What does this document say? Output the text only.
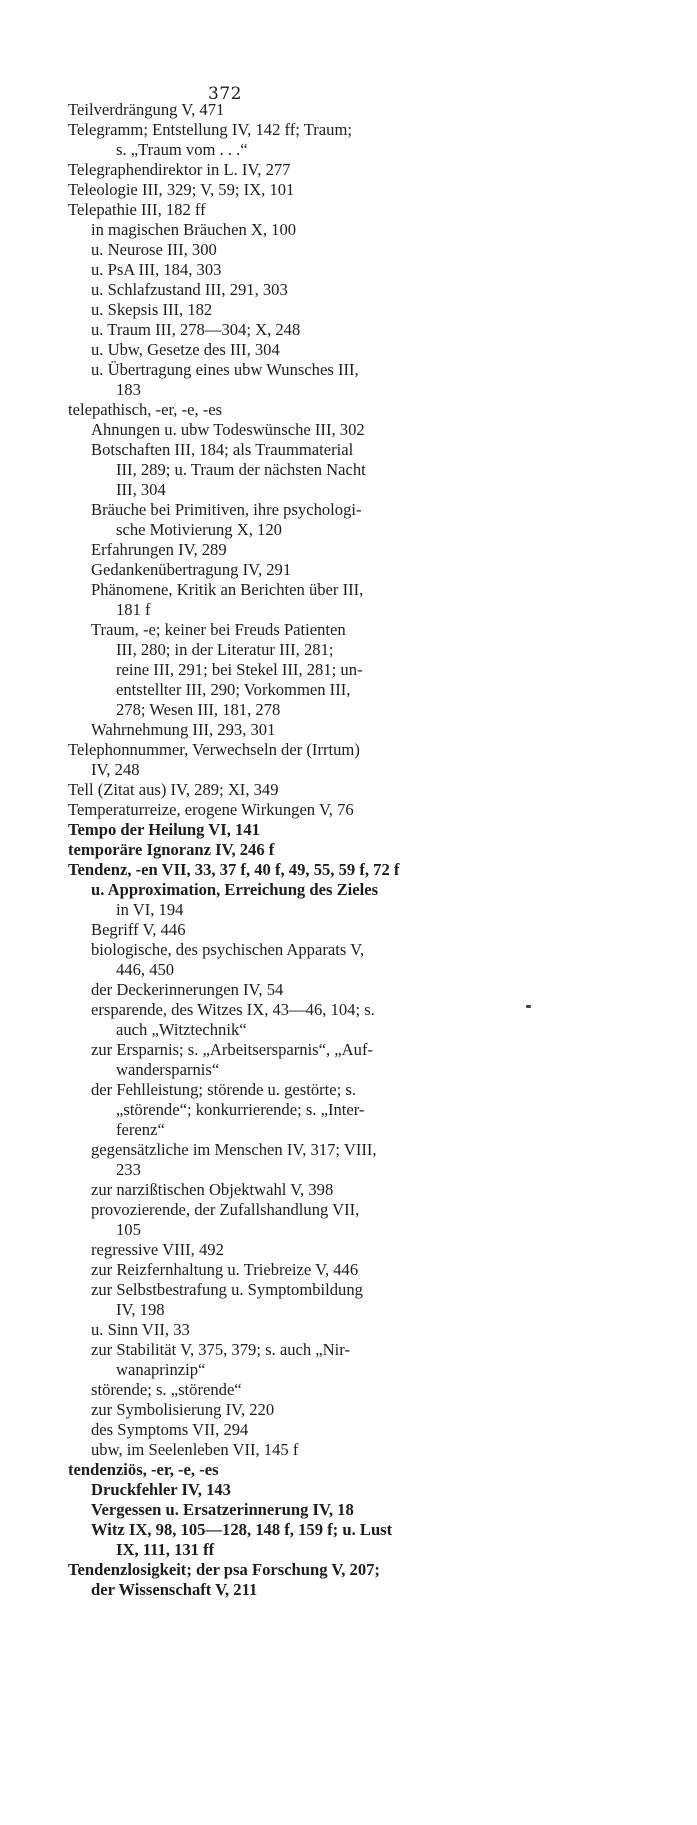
372
Teilverdrängung V, 471
Telegramm; Entstellung IV, 142 ff; Traum;
s. „Traum vom . . .“
Telegraphendirektor in L. IV, 277
Teleologie III, 329; V, 59; IX, 101
Telepathie III, 182 ff
in magischen Bräuchen X, 100
u. Neurose III, 300
u. PsA III, 184, 303
u. Schlafzustand III, 291, 303
u. Skepsis III, 182
u. Traum III, 278—304; X, 248
u. Ubw, Gesetze des III, 304
u. Übertragung eines ubw Wunsches III,
183
telepathisch, -er, -e, -es
Ahnungen u. ubw Todeswünsche III, 302
Botschaften III, 184; als Traummaterial
III, 289; u. Traum der nächsten Nacht
III, 304
Bräuche bei Primitiven, ihre psychologi-
sche Motivierung X, 120
Erfahrungen IV, 289
Gedankenübertragung IV, 291
Phänomene, Kritik an Berichten über III,
181 f
Traum, -e; keiner bei Freuds Patienten
III, 280; in der Literatur III, 281;
reine III, 291; bei Stekel III, 281; un-
entstellter III, 290; Vorkommen III,
278; Wesen III, 181, 278
Wahrnehmung III, 293, 301
Telephonnummer, Verwechseln der (Irrtum)
IV, 248
Tell (Zitat aus) IV, 289; XI, 349
Temperaturreize, erogene Wirkungen V, 76
Tempo der Heilung VI, 141
temporäre Ignoranz IV, 246 f
Tendenz, -en VII, 33, 37 f, 40 f, 49, 55, 59 f, 72 f
u. Approximation, Erreichung des Zieles
in VI, 194
Begriff V, 446
biologische, des psychischen Apparats V,
446, 450
der Deckerinnerungen IV, 54
ersparende, des Witzes IX, 43—46, 104; s.
auch „Witztechnik“
zur Ersparnis; s. „Arbeitsersparnis“, „Auf-
wandersparnis“
der Fehlleistung; störende u. gestörte; s.
„störende“; konkurrierende; s. „Inter-
ferenz“
gegensätzliche im Menschen IV, 317; VIII,
233
zur narzißtischen Objektwahl V, 398
provozierende, der Zufallshandlung VII,
105
regressive VIII, 492
zur Reizfernhaltung u. Triebreize V, 446
zur Selbstbestrafung u. Symptombildung
IV, 198
u. Sinn VII, 33
zur Stabilität V, 375, 379; s. auch „Nir-
wanaprinzip“
störende; s. „störende“
zur Symbolisierung IV, 220
des Symptoms VII, 294
ubw, im Seelenleben VII, 145 f
tendenziös, -er, -e, -es
Druckfehler IV, 143
Vergessen u. Ersatzerinnerung IV, 18
Witz IX, 98, 105—128, 148 f, 159 f; u. Lust
IX, 111, 131 ff
Tendenzlosigkeit; der psa Forschung V, 207;
der Wissenschaft V, 211
